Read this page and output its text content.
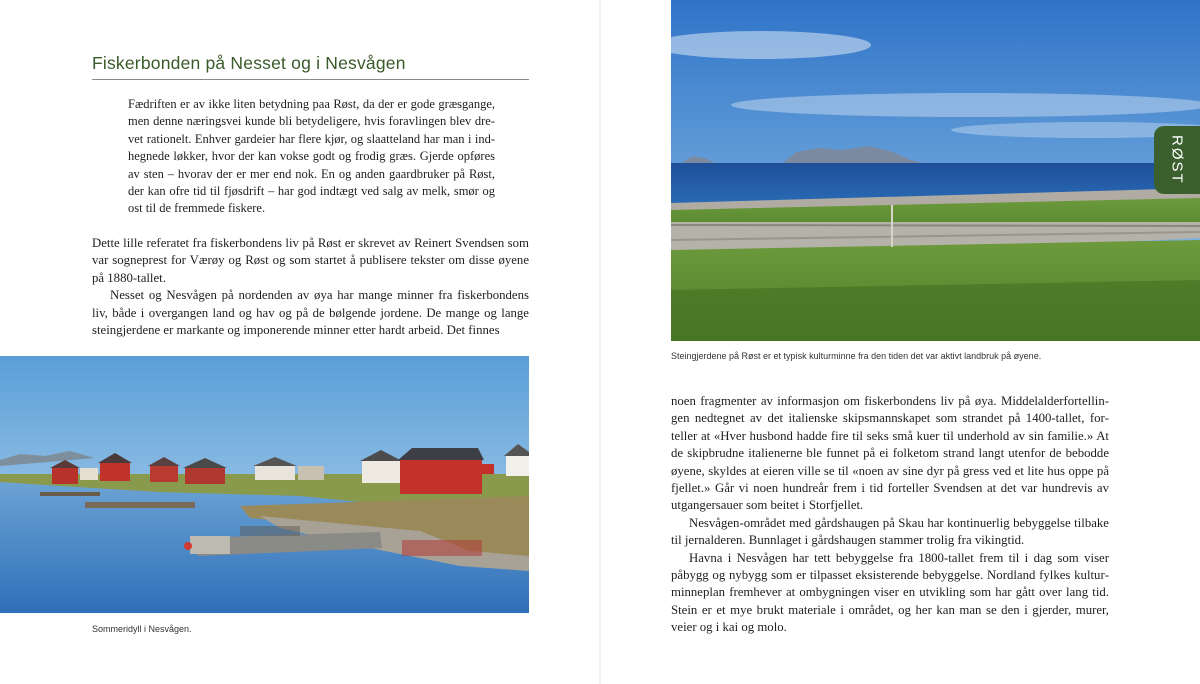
Fiskerbonden på Nesset og i Nesvågen

Fædriften er av ikke liten betydning paa Røst, da der er gode græsgange, men denne næringsvei kunde bli betydeligere, hvis foravlingen blev drevet rationelt. Enhver gardeier har flere kjør, og slaatteland har man i indhegnede løkker, hvor der kan vokse godt og frodig græs. Gjerde opføres av sten – hvorav der er mer end nok. En og anden gaardbruker på Røst, der kan ofre tid til fjøsdrift – har god indtægt ved salg av melk, smør og ost til de fremmede fiskere.

Dette lille referatet fra fiskerbondens liv på Røst er skrevet av Reinert Svendsen som var sogneprest for Værøy og Røst og som startet å publisere tekster om disse øyene på 1880-tallet.

Nesset og Nesvågen på nordenden av øya har mange minner fra fiskerbondens liv, både i overgangen land og hav og på de bølgende jordene. De mange og lange steingjerdene er markante og imponerende minner etter hardt arbeid. Det finnes

Sommeridyll i Nesvågen.
RØST
Steingjerdene på Røst er et typisk kulturminne fra den tiden det var aktivt landbruk på øyene.

noen fragmenter av informasjon om fiskerbondens liv på øya. Middelalderfortellingen nedtegnet av det italienske skipsmannskapet som strandet på 1400-tallet, forteller at «Hver husbond hadde fire til seks små kuer til underhold av sin familie.» At de skipbrudne italienerne ble funnet på ei folketom strand langt utenfor de bebodde øyene, skyldes at eieren ville se til «noen av sine dyr på gress ved et lite hus oppe på fjellet.» Går vi noen hundreår frem i tid forteller Svendsen at det var hundrevis av utgangersauer som beitet i Storfjellet.

Nesvågen-området med gårdshaugen på Skau har kontinuerlig bebyggelse tilbake til jernalderen. Bunnlaget i gårdshaugen stammer trolig fra vikingtid.

Havna i Nesvågen har tett bebyggelse fra 1800-tallet frem til i dag som viser påbygg og nybygg som er tilpasset eksisterende bebyggelse. Nordland fylkes kulturminneplan fremhever at ombygningen viser en utvikling som har gått over lang tid. Stein er et mye brukt materiale i området, og her kan man se den i gjerder, murer, veier og i kai og molo.
